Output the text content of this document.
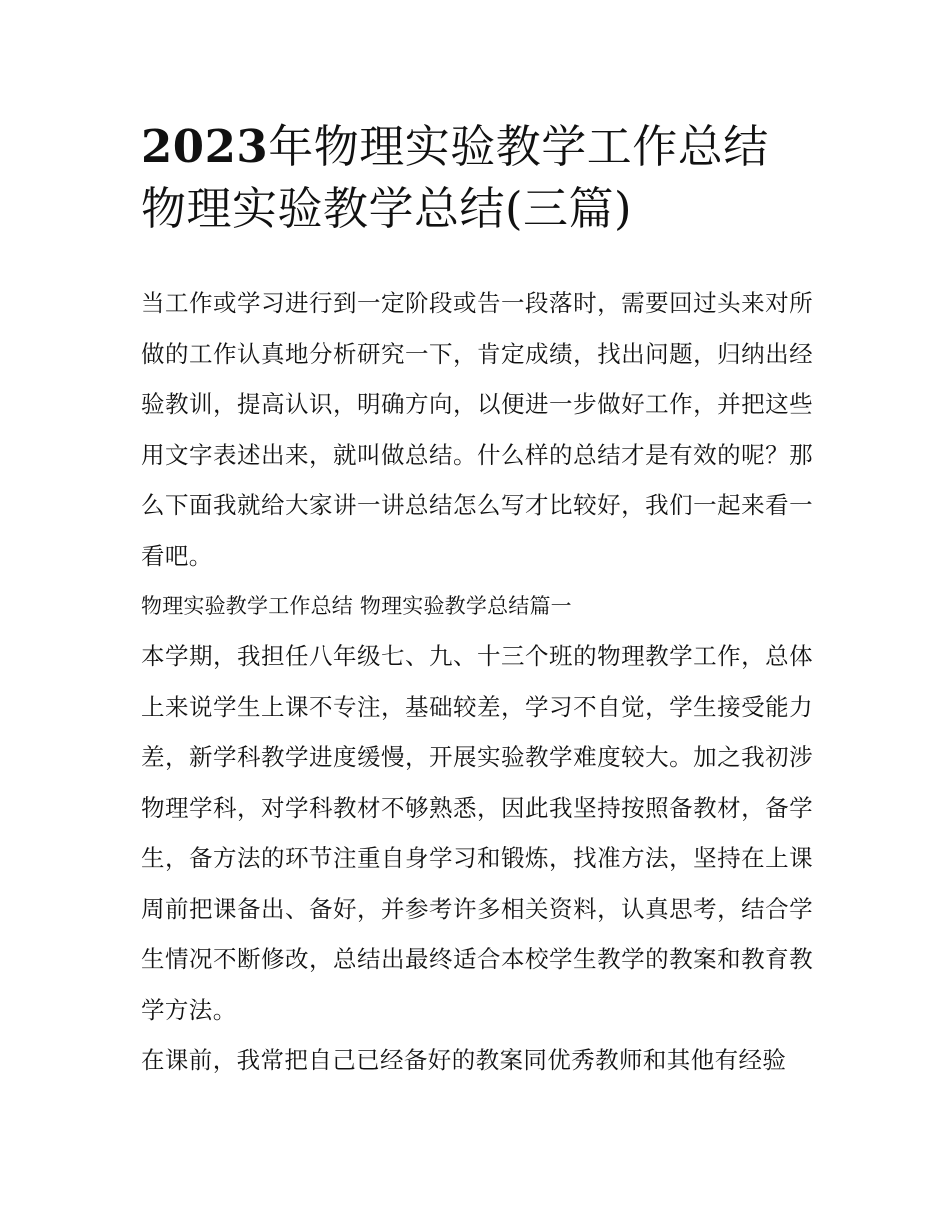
2023年物理实验教学工作总结
物理实验教学总结(三篇)

当工作或学习进行到一定阶段或告一段落时，需要回过头来对所做的工作认真地分析研究一下，肯定成绩，找出问题，归纳出经验教训，提高认识，明确方向，以便进一步做好工作，并把这些用文字表述出来，就叫做总结。什么样的总结才是有效的呢？那么下面我就给大家讲一讲总结怎么写才比较好，我们一起来看一看吧。

物理实验教学工作总结 物理实验教学总结篇一

本学期，我担任八年级七、九、十三个班的物理教学工作，总体上来说学生上课不专注，基础较差，学习不自觉，学生接受能力差，新学科教学进度缓慢，开展实验教学难度较大。加之我初涉物理学科，对学科教材不够熟悉，因此我坚持按照备教材，备学生，备方法的环节注重自身学习和锻炼，找准方法，坚持在上课周前把课备出、备好，并参考许多相关资料，认真思考，结合学生情况不断修改，总结出最终适合本校学生教学的教案和教育教学方法。

在课前，我常把自己已经备好的教案同优秀教师和其他有经验
